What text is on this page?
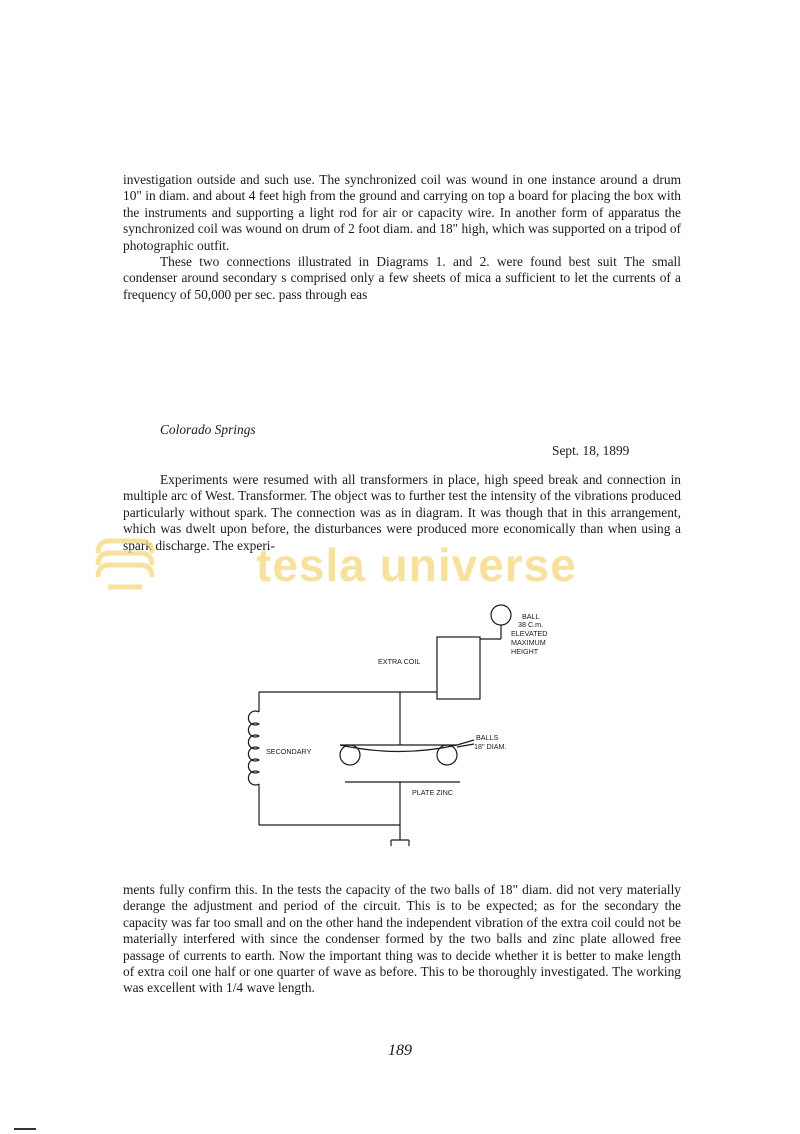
investigation outside and such use. The synchronized coil was wound in one instance around a drum 10" in diam. and about 4 feet high from the ground and carrying on top a board for placing the box with the instruments and supporting a light rod for air or capacity wire. In another form of apparatus the synchronized coil was wound on drum of 2 foot diam. and 18" high, which was supported on a tripod of photographic outfit.

These two connections illustrated in Diagrams 1. and 2. were found best suit The small condenser around secondary s comprised only a few sheets of mica a sufficient to let the currents of a frequency of 50,000 per sec. pass through eas

Colorado Springs
Sept. 18, 1899

Experiments were resumed with all transformers in place, high speed break and connection in multiple arc of West. Transformer. The object was to further test the intensity of the vibrations produced particularly without spark. The connection was as in diagram. It was though that in this arrangement, which was dwelt upon before, the disturbances were produced more economically than when using a spark discharge. The experi-

tesla universe
BALL
38 C.m.
ELEVATED
MAXIMUM
HEIGHT
EXTRA COIL
BALLS
18" DIAM.
SECONDARY
PLATE ZINC

ments fully confirm this. In the tests the capacity of the two balls of 18" diam. did not very materially derange the adjustment and period of the circuit. This is to be expected; as for the secondary the capacity was far too small and on the other hand the independent vibration of the extra coil could not be materially interfered with since the condenser formed by the two balls and zinc plate allowed free passage of currents to earth. Now the important thing was to decide whether it is better to make length of extra coil one half or one quarter of wave as before. This to be thoroughly investigated. The working was excellent with 1/4 wave length.

189
